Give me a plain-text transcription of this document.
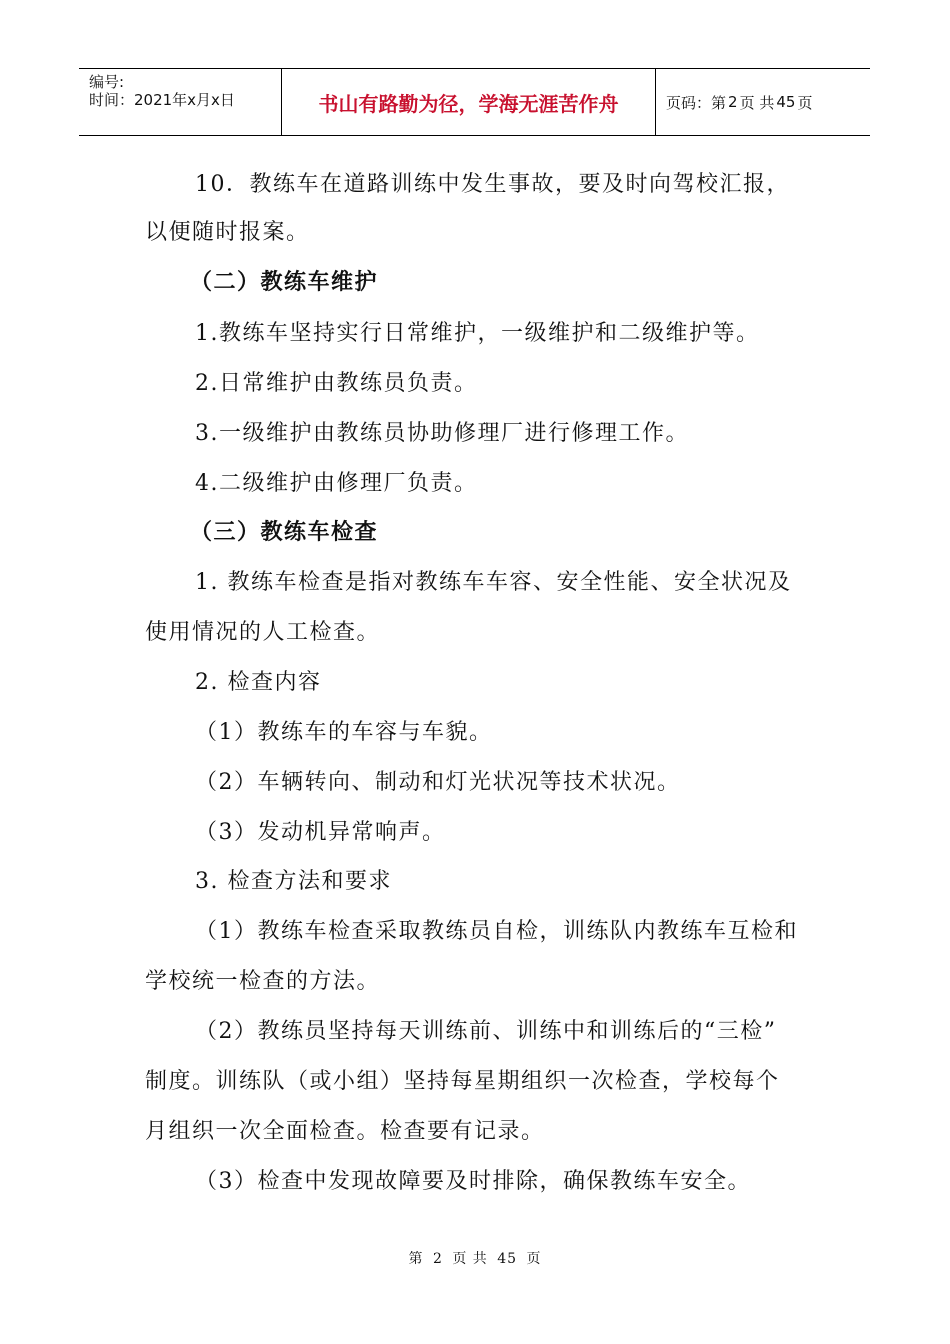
编号:
时间：2021年x月x日	书山有路勤为径，学海无涯苦作舟	页码：第 2 页 共 45 页
10．教练车在道路训练中发生事故，要及时向驾校汇报，
以便随时报案。
（二）教练车维护
1.教练车坚持实行日常维护，一级维护和二级维护等。
2.日常维护由教练员负责。
3.一级维护由教练员协助修理厂进行修理工作。
4.二级维护由修理厂负责。
（三）教练车检查
1. 教练车检查是指对教练车车容、安全性能、安全状况及
使用情况的人工检查。
2. 检查内容
（1）教练车的车容与车貌。
（2）车辆转向、制动和灯光状况等技术状况。
（3）发动机异常响声。
3. 检查方法和要求
（1）教练车检查采取教练员自检，训练队内教练车互检和
学校统一检查的方法。
（2）教练员坚持每天训练前、训练中和训练后的“三检”
制度。训练队（或小组）坚持每星期组织一次检查，学校每个
月组织一次全面检查。检查要有记录。
（3）检查中发现故障要及时排除，确保教练车安全。
第 2 页 共 45 页
